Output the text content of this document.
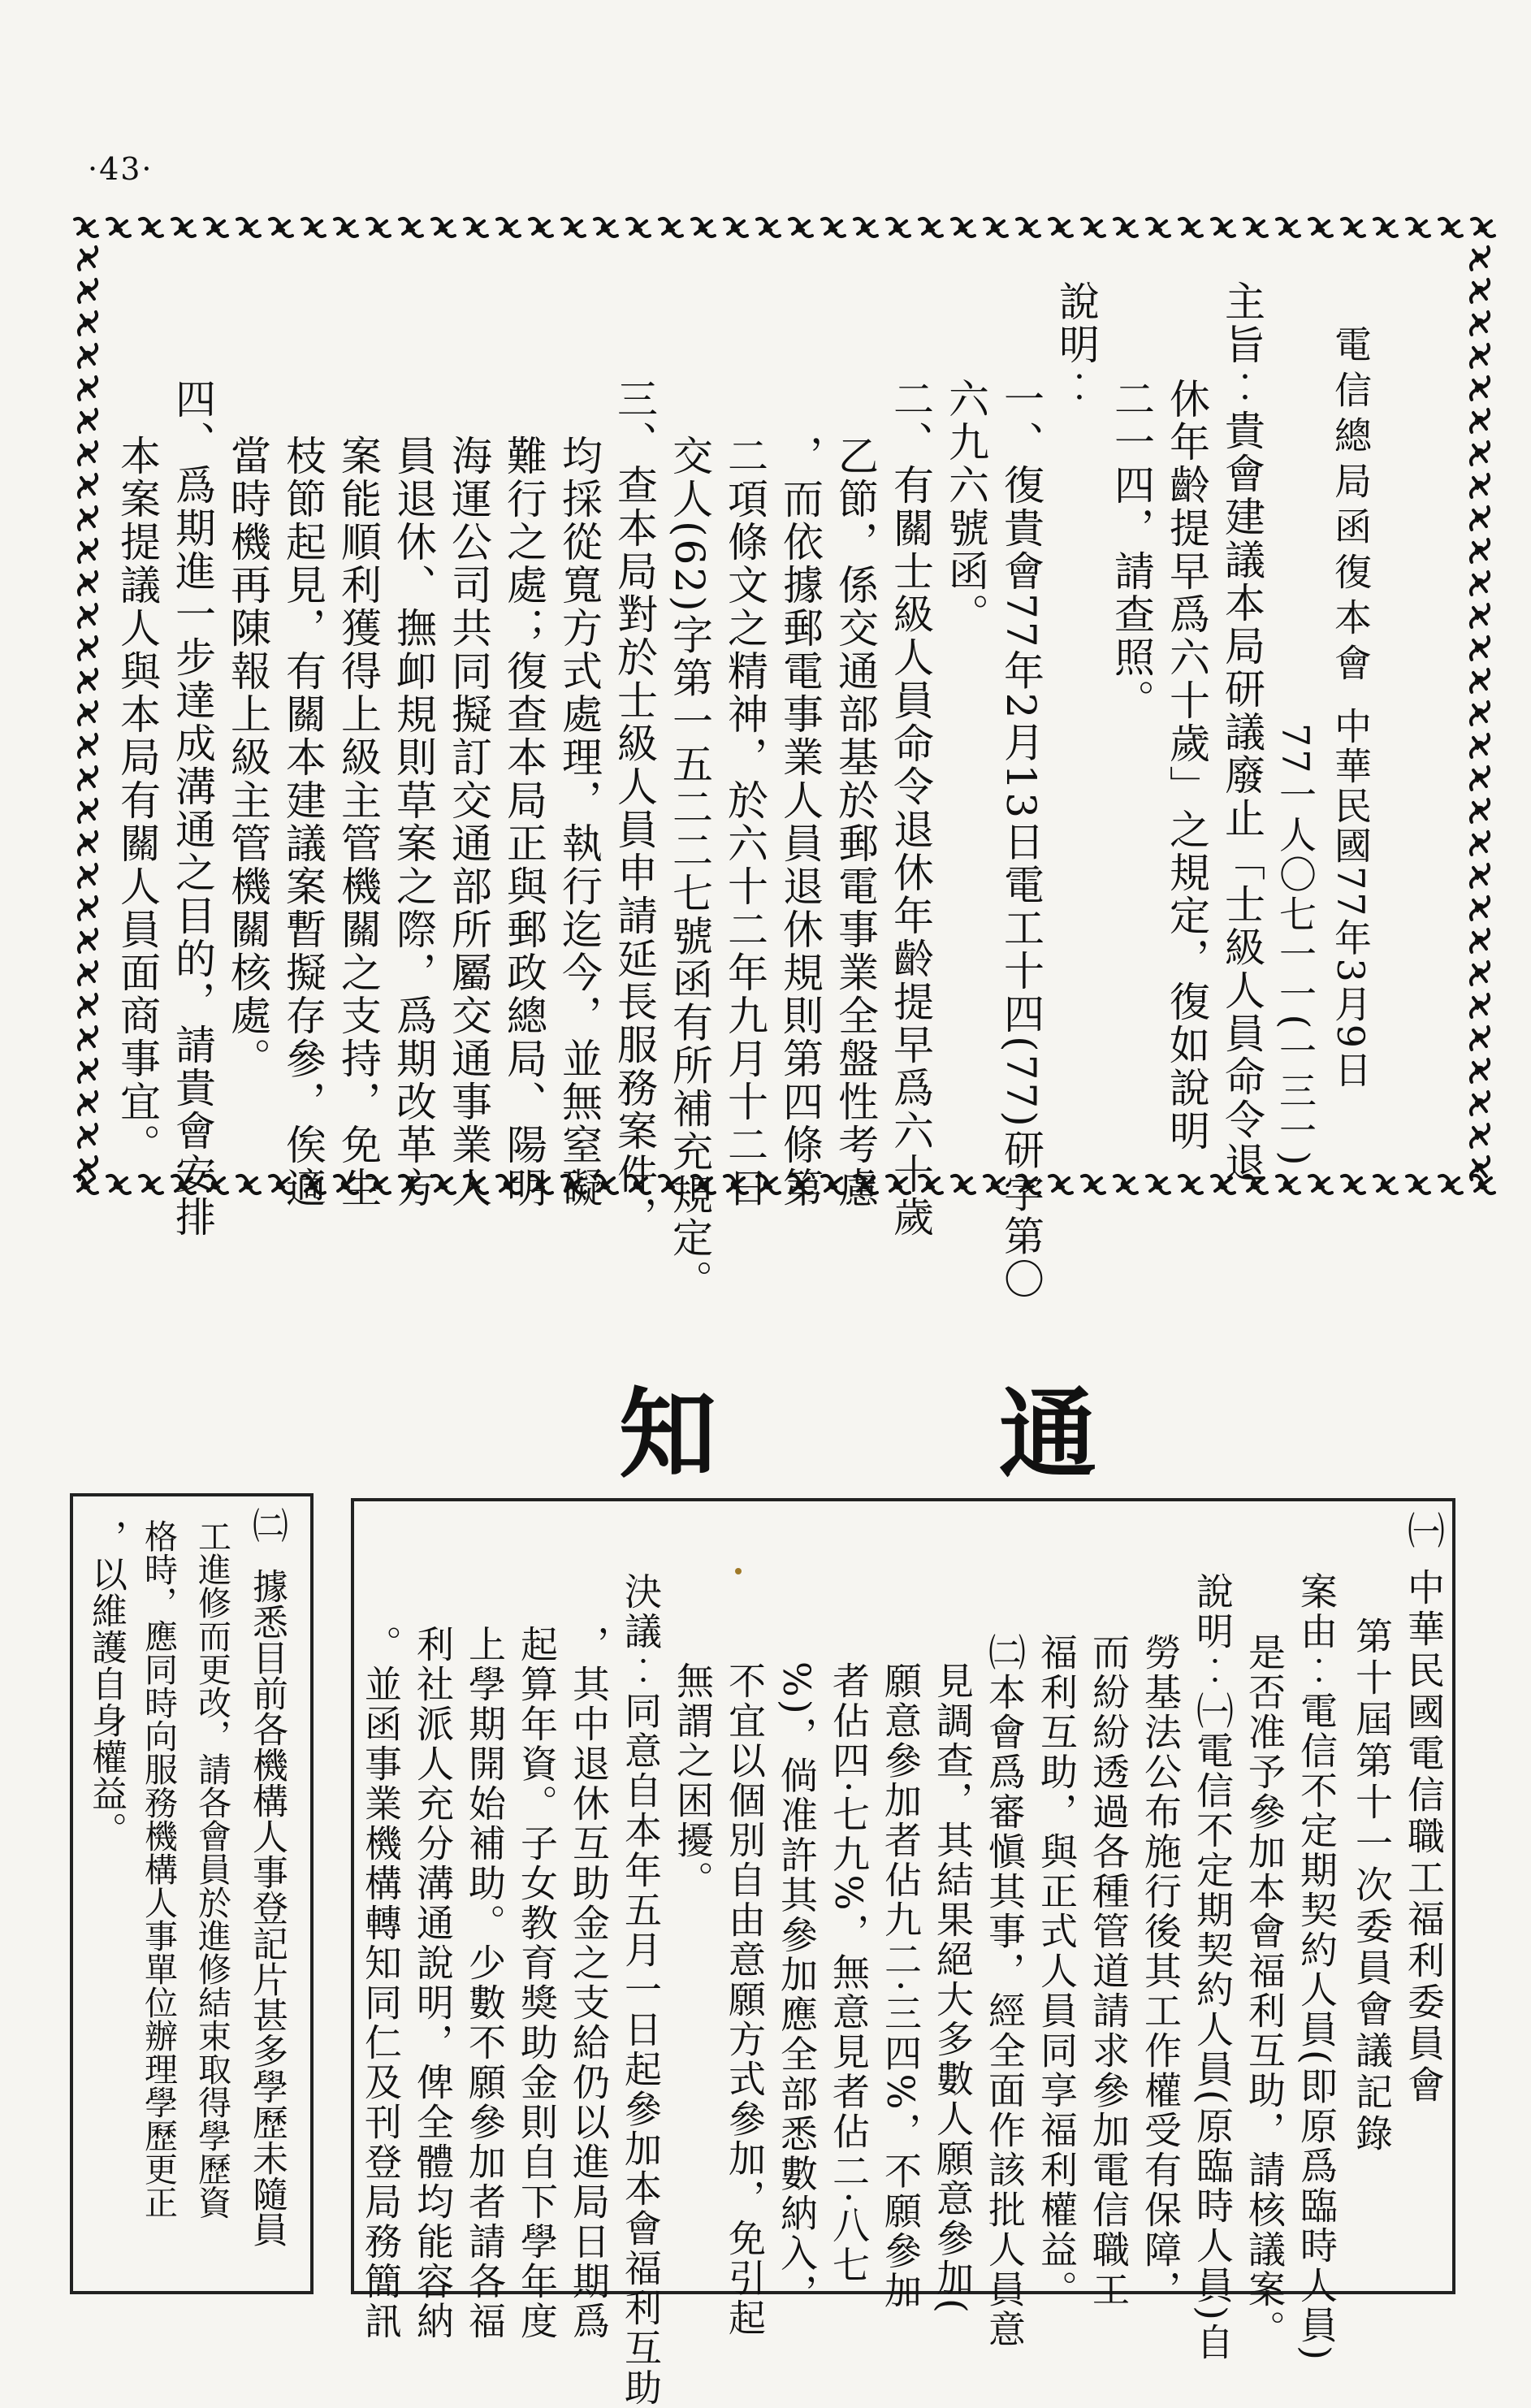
·43·
電信總局函復本會
中華民國77年3月9日
77一人〇七一一(一三一)
主旨︰貴會建議本局研議廢止「士級人員命令退
休年齡提早爲六十歲」之規定，復如說明
二一四，請查照。
說明︰
一、復貴會77年2月13日電工十四(77)研字第〇
六九六號函。
二、有關士級人員命令退休年齡提早爲六十歲
乙節，係交通部基於郵電事業全盤性考慮
，而依據郵電事業人員退休規則第四條第
二項條文之精神，於六十二年九月十二日
交人(62)字第一五二二七號函有所補充規定。
三、查本局對於士級人員申請延長服務案件，
均採從寬方式處理，執行迄今，並無窒礙
難行之處；復查本局正與郵政總局、陽明
海運公司共同擬訂交通部所屬交通事業人
員退休、撫卹規則草案之際，爲期改革方
案能順利獲得上級主管機關之支持，免生
枝節起見，有關本建議案暫擬存參，俟適
當時機再陳報上級主管機關核處。
四、爲期進一步達成溝通之目的，請貴會安排
本案提議人與本局有關人員面商事宜。
知	通
㈠
中華民國電信職工福利委員會
第十屆第十一次委員會議記錄
案由︰電信不定期契約人員(即原爲臨時人員)
是否准予參加本會福利互助，請核議案。
說明︰㈠電信不定期契約人員(原臨時人員)自
勞基法公布施行後其工作權受有保障，
而紛紛透過各種管道請求參加電信職工
福利互助，與正式人員同享福利權益。
㈡本會爲審愼其事，經全面作該批人員意
見調查，其結果絕大多數人願意參加(
願意參加者佔九二·三四%，不願參加
者佔四·七九%，無意見者佔二·八七
%)，倘准許其參加應全部悉數納入，
不宜以個別自由意願方式參加，免引起
無謂之困擾。
決議︰同意自本年五月一日起參加本會福利互助
，其中退休互助金之支給仍以進局日期爲
起算年資。子女教育獎助金則自下學年度
上學期開始補助。少數不願參加者請各福
利社派人充分溝通說明，俾全體均能容納
。並函事業機構轉知同仁及刊登局務簡訊
㈡
據悉目前各機構人事登記片甚多學歷未隨員
工進修而更改，請各會員於進修結束取得學歷資
格時，應同時向服務機構人事單位辦理學歷更正
，以維護自身權益。
